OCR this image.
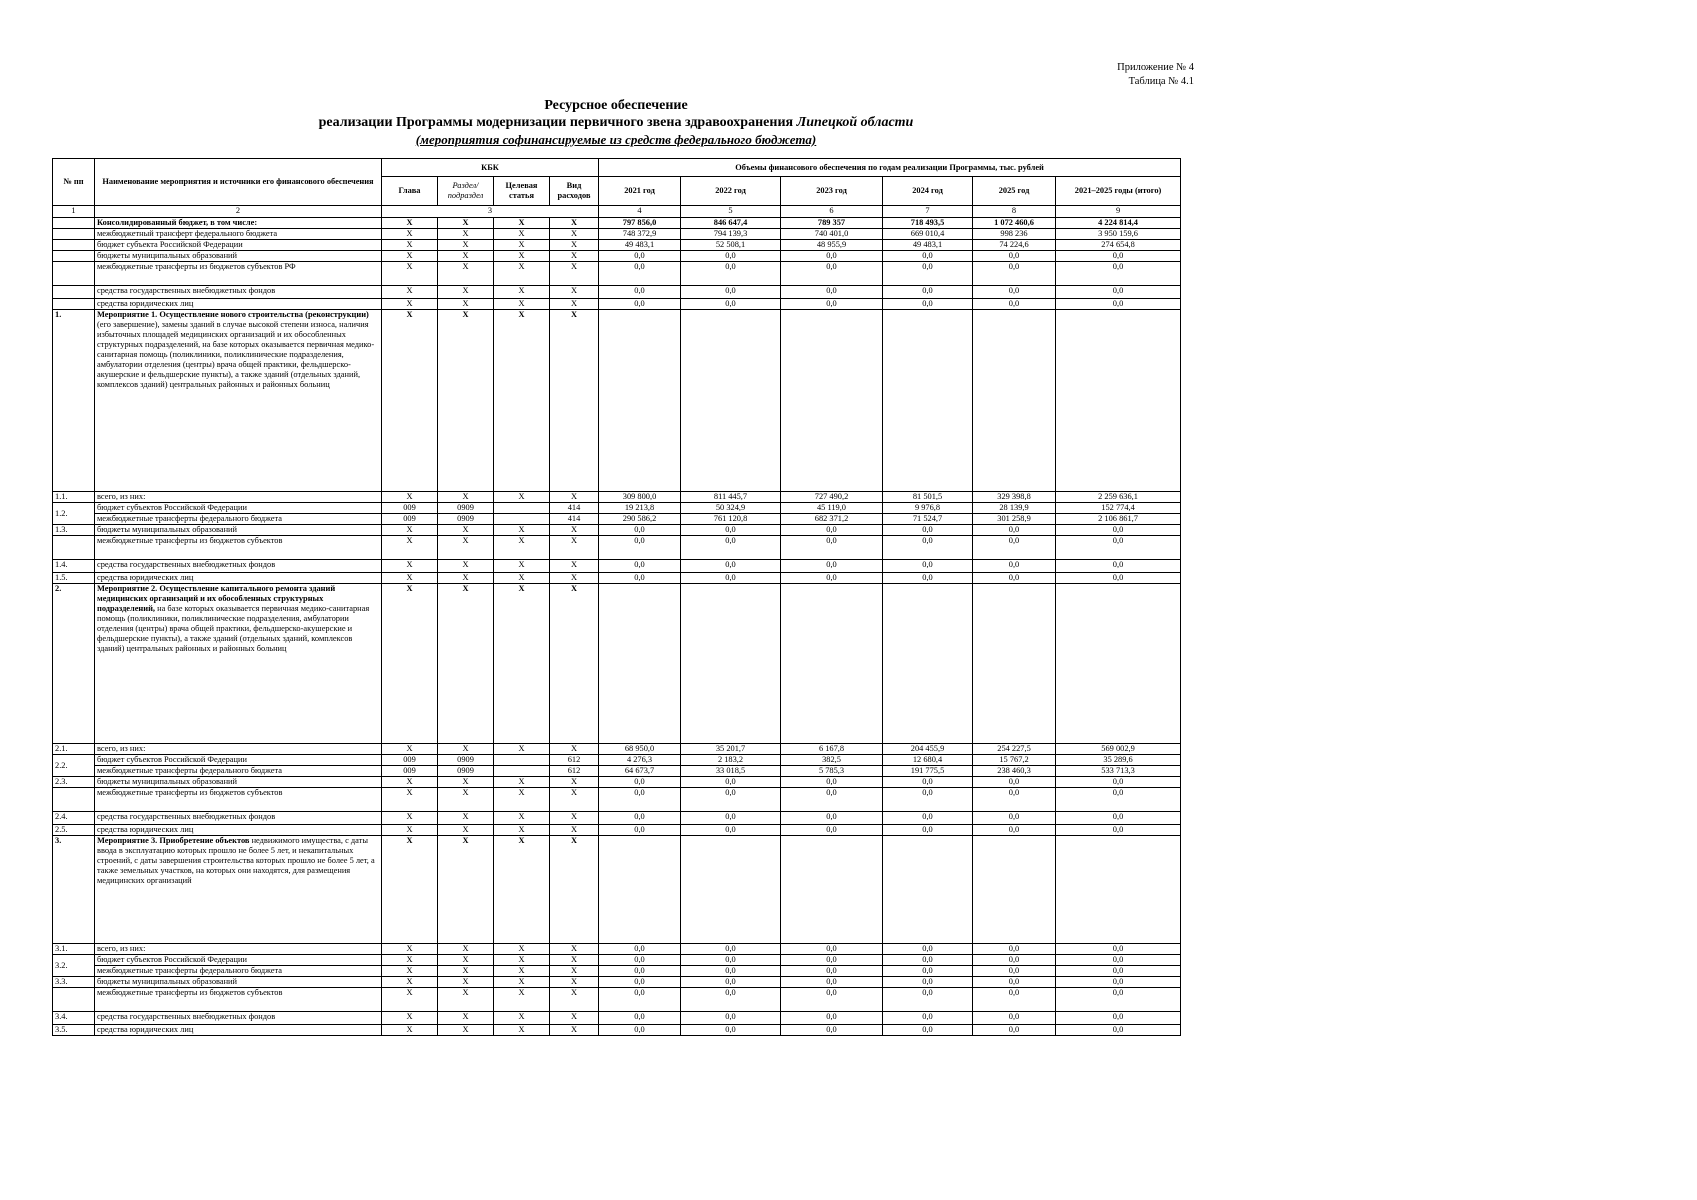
Приложение № 4
Таблица № 4.1
Ресурсное обеспечение
реализации Программы модернизации первичного звена здравоохранения Липецкой области
(мероприятия софинансируемые из средств федерального бюджета)
№ пп	Наименование мероприятия и источники его финансового обеспечения	КБК				Объемы финансового обеспечения по годам реализации Программы, тыс. рублей					
		Глава	Раздел/ подраздел	Целевая статья	Вид расходов	2021 год	2022 год	2023 год	2024 год	2025 год	2021–2025 годы (итого)
1	2	3				4	5	6	7	8	9
	Консолидированный бюджет, в том числе:	X	X	X	X	797 856,0	846 647,4	789 357	718 493,5	1 072 460,6	4 224 814,4
	межбюджетный трансферт федерального бюджета	X	X	X	X	748 372,9	794 139,3	740 401,0	669 010,4	998 236	3 950 159,6
	бюджет субъекта Российской Федерации	X	X	X	X	49 483,1	52 508,1	48 955,9	49 483,1	74 224,6	274 654,8
	бюджеты муниципальных образований	X	X	X	X	0,0	0,0	0,0	0,0	0,0	0,0
	межбюджетные трансферты из бюджетов субъектов РФ	X	X	X	X	0,0	0,0	0,0	0,0	0,0	0,0
	средства государственных внебюджетных фондов	X	X	X	X	0,0	0,0	0,0	0,0	0,0	0,0
	средства юридических лиц	X	X	X	X	0,0	0,0	0,0	0,0	0,0	0,0
1.	Мероприятие 1. Осуществление нового строительства (реконструкции) (его завершение), замены зданий в случае высокой степени износа, наличия избыточных площадей медицинских организаций и их обособленных структурных подразделений, на базе которых оказывается первичная медико-санитарная помощь (поликлиники, поликлинические подразделения, амбулатории отделения (центры) врача общей практики, фельдшерско-акушерские и фельдшерские пункты), а также зданий (отдельных зданий, комплексов зданий) центральных районных и районных больниц	X	X	X	X						
1.1.	всего, из них:	X	X	X	X	309 800,0	811 445,7	727 490,2	81 501,5	329 398,8	2 259 636,1
1.2.	бюджет субъектов Российской Федерации	009	0909		414	19 213,8	50 324,9	45 119,0	9 976,8	28 139,9	152 774,4
	межбюджетные трансферты федерального бюджета	009	0909		414	290 586,2	761 120,8	682 371,2	71 524,7	301 258,9	2 106 861,7
1.3.	бюджеты муниципальных образований	X	X	X	X	0,0	0,0	0,0	0,0	0,0	0,0
	межбюджетные трансферты из бюджетов субъектов	X	X	X	X	0,0	0,0	0,0	0,0	0,0	0,0
1.4.	средства государственных внебюджетных фондов	X	X	X	X	0,0	0,0	0,0	0,0	0,0	0,0
1.5.	средства юридических лиц	X	X	X	X	0,0	0,0	0,0	0,0	0,0	0,0
2.	Мероприятие 2. Осуществление капитального ремонта зданий медицинских организаций и их обособленных структурных подразделений, на базе которых оказывается первичная медико-санитарная помощь (поликлиники, поликлинические подразделения, амбулатории отделения (центры) врача общей практики, фельдшерско-акушерские и фельдшерские пункты), а также зданий (отдельных зданий, комплексов зданий) центральных районных и районных больниц	X	X	X	X						
2.1.	всего, из них:	X	X	X	X	68 950,0	35 201,7	6 167,8	204 455,9	254 227,5	569 002,9
2.2.	бюджет субъектов Российской Федерации	009	0909		612	4 276,3	2 183,2	382,5	12 680,4	15 767,2	35 289,6
	межбюджетные трансферты федерального бюджета	009	0909		612	64 673,7	33 018,5	5 785,3	191 775,5	238 460,3	533 713,3
2.3.	бюджеты муниципальных образований	X	X	X	X	0,0	0,0	0,0	0,0	0,0	0,0
	межбюджетные трансферты из бюджетов субъектов	X	X	X	X	0,0	0,0	0,0	0,0	0,0	0,0
2.4.	средства государственных внебюджетных фондов	X	X	X	X	0,0	0,0	0,0	0,0	0,0	0,0
2.5.	средства юридических лиц	X	X	X	X	0,0	0,0	0,0	0,0	0,0	0,0
3.	Мероприятие 3. Приобретение объектов недвижимого имущества, с даты ввода в эксплуатацию которых прошло не более 5 лет, и некапитальных строений, с даты завершения строительства которых прошло не более 5 лет, а также земельных участков, на которых они находятся, для размещения медицинских организаций	X	X	X	X						
3.1.	всего, из них:	X	X	X	X	0,0	0,0	0,0	0,0	0,0	0,0
3.2.	бюджет субъектов Российской Федерации	X	X	X	X	0,0	0,0	0,0	0,0	0,0	0,0
	межбюджетные трансферты федерального бюджета	X	X	X	X	0,0	0,0	0,0	0,0	0,0	0,0
3.3.	бюджеты муниципальных образований	X	X	X	X	0,0	0,0	0,0	0,0	0,0	0,0
	межбюджетные трансферты из бюджетов субъектов	X	X	X	X	0,0	0,0	0,0	0,0	0,0	0,0
3.4.	средства государственных внебюджетных фондов	X	X	X	X	0,0	0,0	0,0	0,0	0,0	0,0
3.5.	средства юридических лиц	X	X	X	X	0,0	0,0	0,0	0,0	0,0	0,0
